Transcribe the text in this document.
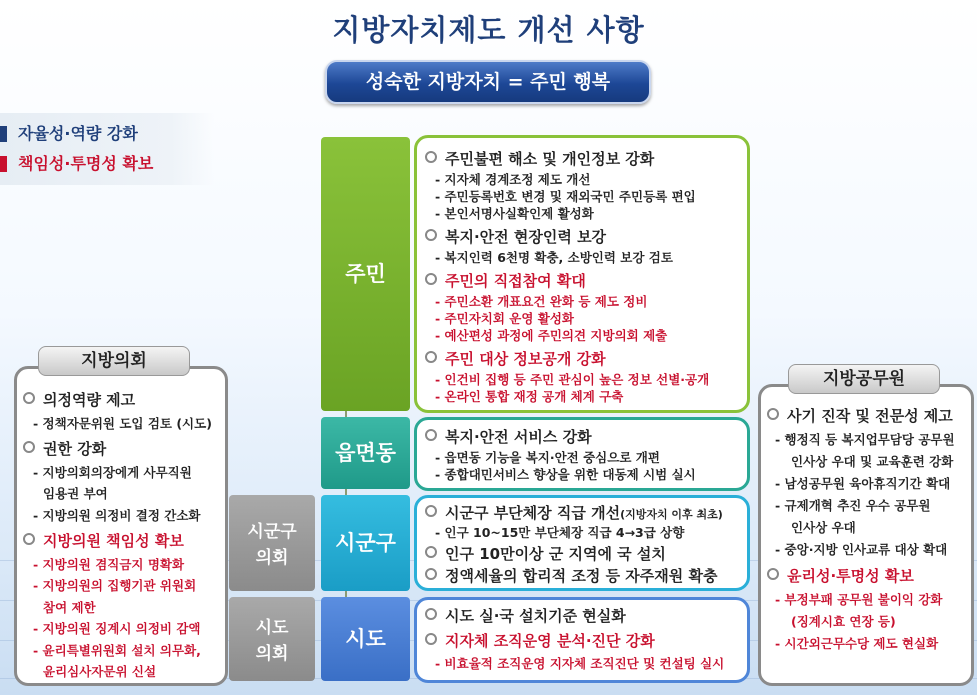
지방자치제도 개선 사항
성숙한 지방자치 = 주민 행복
자율성·역량 강화
책임성·투명성 확보
주민
읍면동
시군구
시도
시군구
의회
시도
의회
주민불편 해소 및 개인정보 강화
- 지자체 경계조정 제도 개선
- 주민등록번호 변경 및 재외국민 주민등록 편입
- 본인서명사실확인제 활성화
복지·안전 현장인력 보강
- 복지인력 6천명 확충, 소방인력 보강 검토
주민의 직접참여 확대
- 주민소환 개표요건 완화 등 제도 정비
- 주민자치회 운영 활성화
- 예산편성 과정에 주민의견 지방의회 제출
주민 대상 정보공개 강화
- 인건비 집행 등 주민 관심이 높은 정보 선별·공개
- 온라인 통합 재정 공개 체계 구축
복지·안전 서비스 강화
- 읍면동 기능을 복지·안전 중심으로 개편
- 종합대민서비스 향상을 위한 대동제 시범 실시
시군구 부단체장 직급 개선(지방자치 이후 최초)
- 인구 10~15만 부단체장 직급 4→3급 상향
인구 10만이상 군 지역에 국 설치
정액세율의 합리적 조정 등 자주재원 확충
시도 실·국 설치기준 현실화
지자체 조직운영 분석·진단 강화
- 비효율적 조직운영 지자체 조직진단 및 컨설팅 실시
의정역량 제고
- 정책자문위원 도입 검토 (시도)
권한 강화
- 지방의회의장에게 사무직원
임용권 부여
- 지방의원 의정비 결정 간소화
지방의원 책임성 확보
- 지방의원 겸직금지 명확화
- 지방의원의 집행기관 위원회
참여 제한
- 지방의원 징계시 의정비 감액
- 윤리특별위원회 설치 의무화,
윤리심사자문위 신설
지방의회
사기 진작 및 전문성 제고
- 행정직 등 복지업무담당 공무원
인사상 우대 및 교육훈련 강화
- 남성공무원 육아휴직기간 확대
- 규제개혁 추진 우수 공무원
인사상 우대
- 중앙·지방 인사교류 대상 확대
윤리성·투명성 확보
- 부정부패 공무원 불이익 강화
(징계시효 연장 등)
- 시간외근무수당 제도 현실화
지방공무원
